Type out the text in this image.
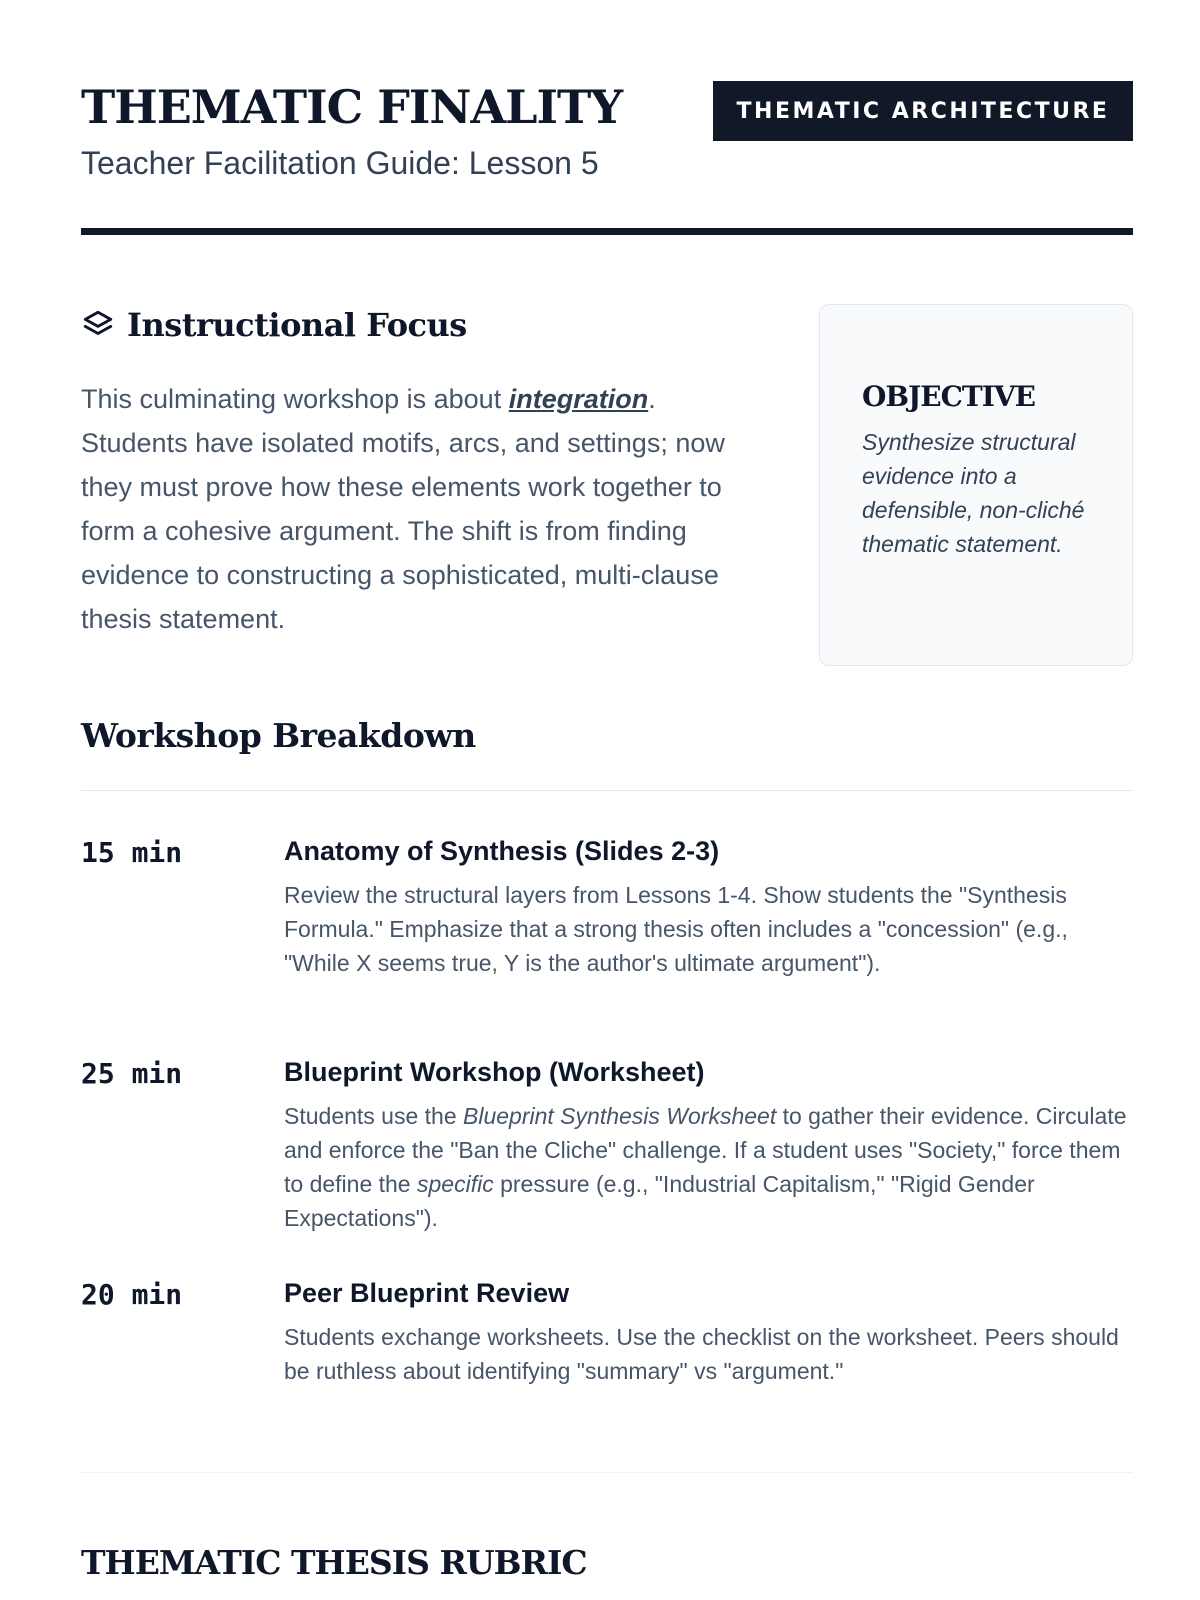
THEMATIC FINALITY

Teacher Facilitation Guide: Lesson 5

THEMATIC ARCHITECTURE
Instructional Focus

This culminating workshop is about integration. Students have isolated motifs, arcs, and settings; now they must prove how these elements work together to form a cohesive argument. The shift is from finding evidence to constructing a sophisticated, multi-clause thesis statement.

OBJECTIVE

Synthesize structural evidence into a defensible, non-cliché thematic statement.

Workshop Breakdown
15 min	Anatomy of Synthesis (Slides 2-3)

Review the structural layers from Lessons 1-4. Show students the "Synthesis Formula." Emphasize that a strong thesis often includes a "concession" (e.g., "While X seems true, Y is the author's ultimate argument").

25 min	Blueprint Workshop (Worksheet)

Students use the Blueprint Synthesis Worksheet to gather their evidence. Circulate and enforce the "Ban the Cliche" challenge. If a student uses "Society," force them to define the specific pressure (e.g., "Industrial Capitalism," "Rigid Gender Expectations").

20 min	Peer Blueprint Review

Students exchange worksheets. Use the checklist on the worksheet. Peers should be ruthless about identifying "summary" vs "argument."

THEMATIC THESIS RUBRIC
